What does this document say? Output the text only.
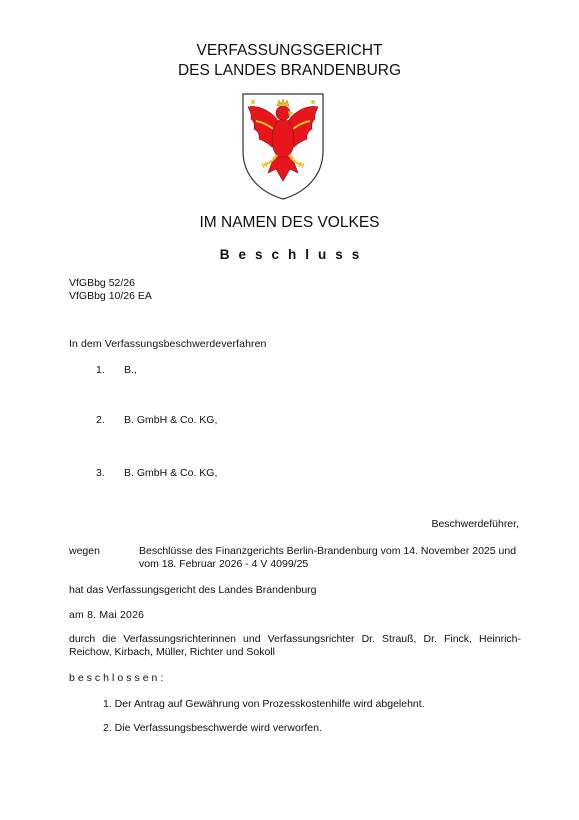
VERFASSUNGSGERICHT
DES LANDES BRANDENBURG
IM NAMEN DES VOLKES
Beschluss
VfGBbg 52/26
VfGBbg 10/26 EA
In dem Verfassungsbeschwerdeverfahren
1. B.,
2. B. GmbH & Co. KG,
3. B. GmbH & Co. KG,
Beschwerdeführer,
wegen	Beschlüsse des Finanzgerichts Berlin-Brandenburg vom 14. November 2025 und vom 18. Februar 2026 - 4 V 4099/25
hat das Verfassungsgericht des Landes Brandenburg
am 8. Mai 2026
durch die Verfassungsrichterinnen und Verfassungsrichter Dr. Strauß, Dr. Finck, Heinrich-Reichow, Kirbach, Müller, Richter und Sokoll
beschlossen:
1. Der Antrag auf Gewährung von Prozesskostenhilfe wird abgelehnt.
2. Die Verfassungsbeschwerde wird verworfen.
